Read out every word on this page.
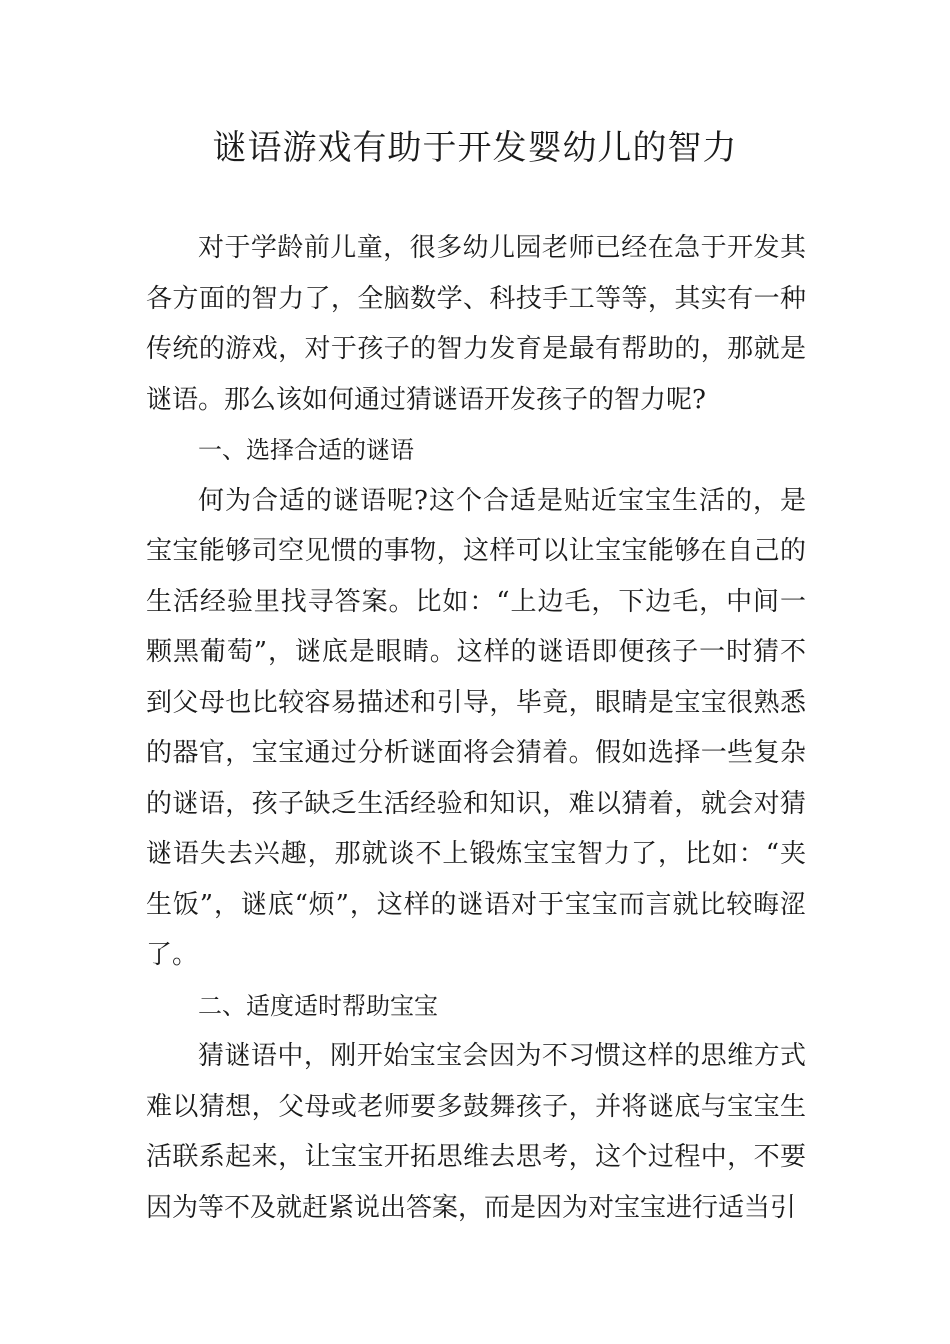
谜语游戏有助于开发婴幼儿的智力

对于学龄前儿童，很多幼儿园老师已经在急于开发其各方面的智力了，全脑数学、科技手工等等，其实有一种传统的游戏，对于孩子的智力发育是最有帮助的，那就是谜语。那么该如何通过猜谜语开发孩子的智力呢?

一、选择合适的谜语

何为合适的谜语呢?这个合适是贴近宝宝生活的，是宝宝能够司空见惯的事物，这样可以让宝宝能够在自己的生活经验里找寻答案。比如：“上边毛，下边毛，中间一颗黑葡萄”，谜底是眼睛。这样的谜语即便孩子一时猜不到父母也比较容易描述和引导，毕竟，眼睛是宝宝很熟悉的器官，宝宝通过分析谜面将会猜着。假如选择一些复杂的谜语，孩子缺乏生活经验和知识，难以猜着，就会对猜谜语失去兴趣，那就谈不上锻炼宝宝智力了，比如：“夹生饭”，谜底“烦”，这样的谜语对于宝宝而言就比较晦涩了。

二、适度适时帮助宝宝

猜谜语中，刚开始宝宝会因为不习惯这样的思维方式难以猜想，父母或老师要多鼓舞孩子，并将谜底与宝宝生活联系起来，让宝宝开拓思维去思考，这个过程中，不要因为等不及就赶紧说出答案，而是因为对宝宝进行适当引
